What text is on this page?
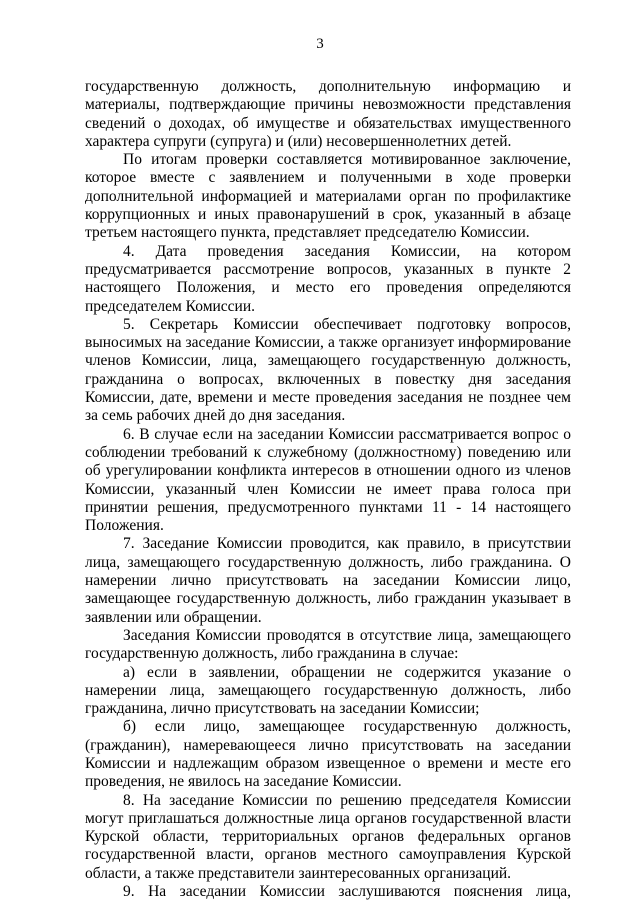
3

государственную должность, дополнительную информацию и материалы, подтверждающие причины невозможности представления сведений о доходах, об имуществе и обязательствах имущественного характера супруги (супруга) и (или) несовершеннолетних детей.

По итогам проверки составляется мотивированное заключение, которое вместе с заявлением и полученными в ходе проверки дополнительной информацией и материалами орган по профилактике коррупционных и иных правонарушений в срок, указанный в абзаце третьем настоящего пункта, представляет председателю Комиссии.

4. Дата проведения заседания Комиссии, на котором предусматривается рассмотрение вопросов, указанных в пункте 2 настоящего Положения, и место его проведения определяются председателем Комиссии.

5. Секретарь Комиссии обеспечивает подготовку вопросов, выносимых на заседание Комиссии, а также организует информирование членов Комиссии, лица, замещающего государственную должность, гражданина о вопросах, включенных в повестку дня заседания Комиссии, дате, времени и месте проведения заседания не позднее чем за семь рабочих дней до дня заседания.

6. В случае если на заседании Комиссии рассматривается вопрос о соблюдении требований к служебному (должностному) поведению или об урегулировании конфликта интересов в отношении одного из членов Комиссии, указанный член Комиссии не имеет права голоса при принятии решения, предусмотренного пунктами 11 - 14 настоящего Положения.

7. Заседание Комиссии проводится, как правило, в присутствии лица, замещающего государственную должность, либо гражданина. О намерении лично присутствовать на заседании Комиссии лицо, замещающее государственную должность, либо гражданин указывает в заявлении или обращении.

Заседания Комиссии проводятся в отсутствие лица, замещающего государственную должность, либо гражданина в случае:

а) если в заявлении, обращении не содержится указание о намерении лица, замещающего государственную должность, либо гражданина, лично присутствовать на заседании Комиссии;

б) если лицо, замещающее государственную должность, (гражданин), намеревающееся лично присутствовать на заседании Комиссии и надлежащим образом извещенное о времени и месте его проведения, не явилось на заседание Комиссии.

8. На заседание Комиссии по решению председателя Комиссии могут приглашаться должностные лица органов государственной власти Курской области, территориальных органов федеральных органов государственной власти, органов местного самоуправления Курской области, а также представители заинтересованных организаций.

9. На заседании Комиссии заслушиваются пояснения лица,
